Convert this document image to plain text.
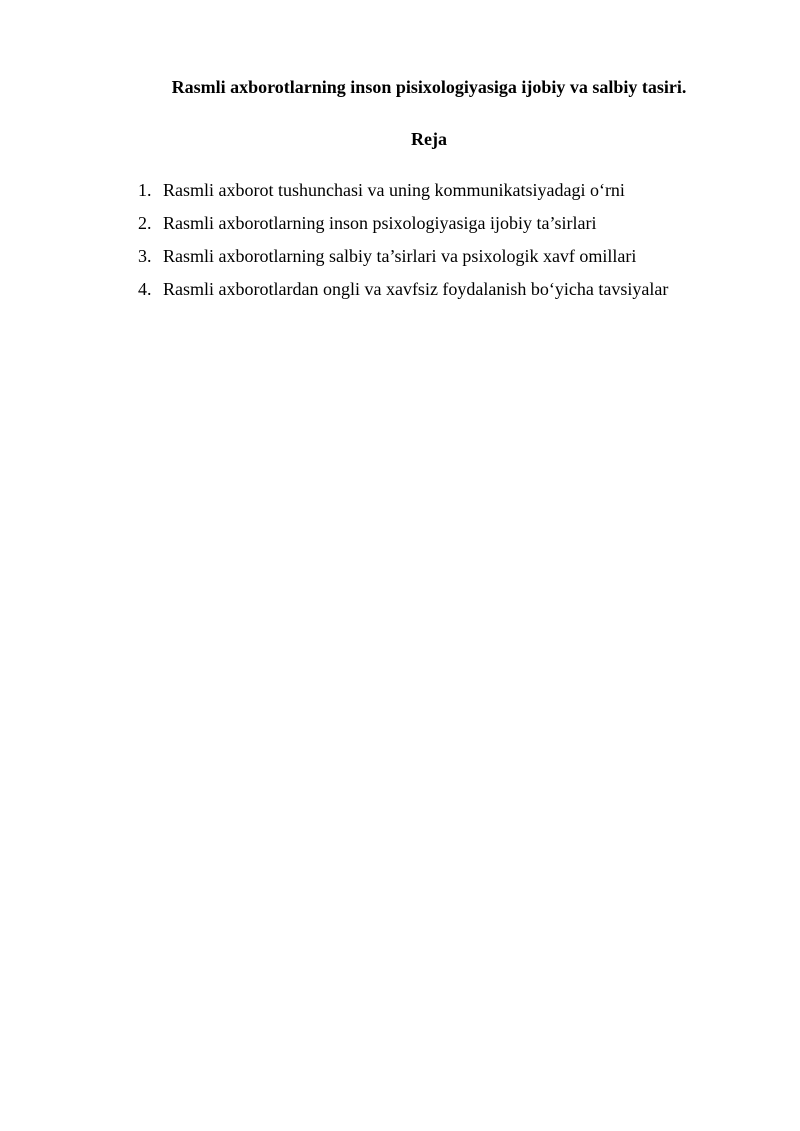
Rasmli axborotlarning inson pisixologiyasiga ijobiy va salbiy tasiri.
Reja
1. Rasmli axborot tushunchasi va uning kommunikatsiyadagi o‘rni
2. Rasmli axborotlarning inson psixologiyasiga ijobiy ta’sirlari
3. Rasmli axborotlarning salbiy ta’sirlari va psixologik xavf omillari
4. Rasmli axborotlardan ongli va xavfsiz foydalanish bo‘yicha tavsiyalar
